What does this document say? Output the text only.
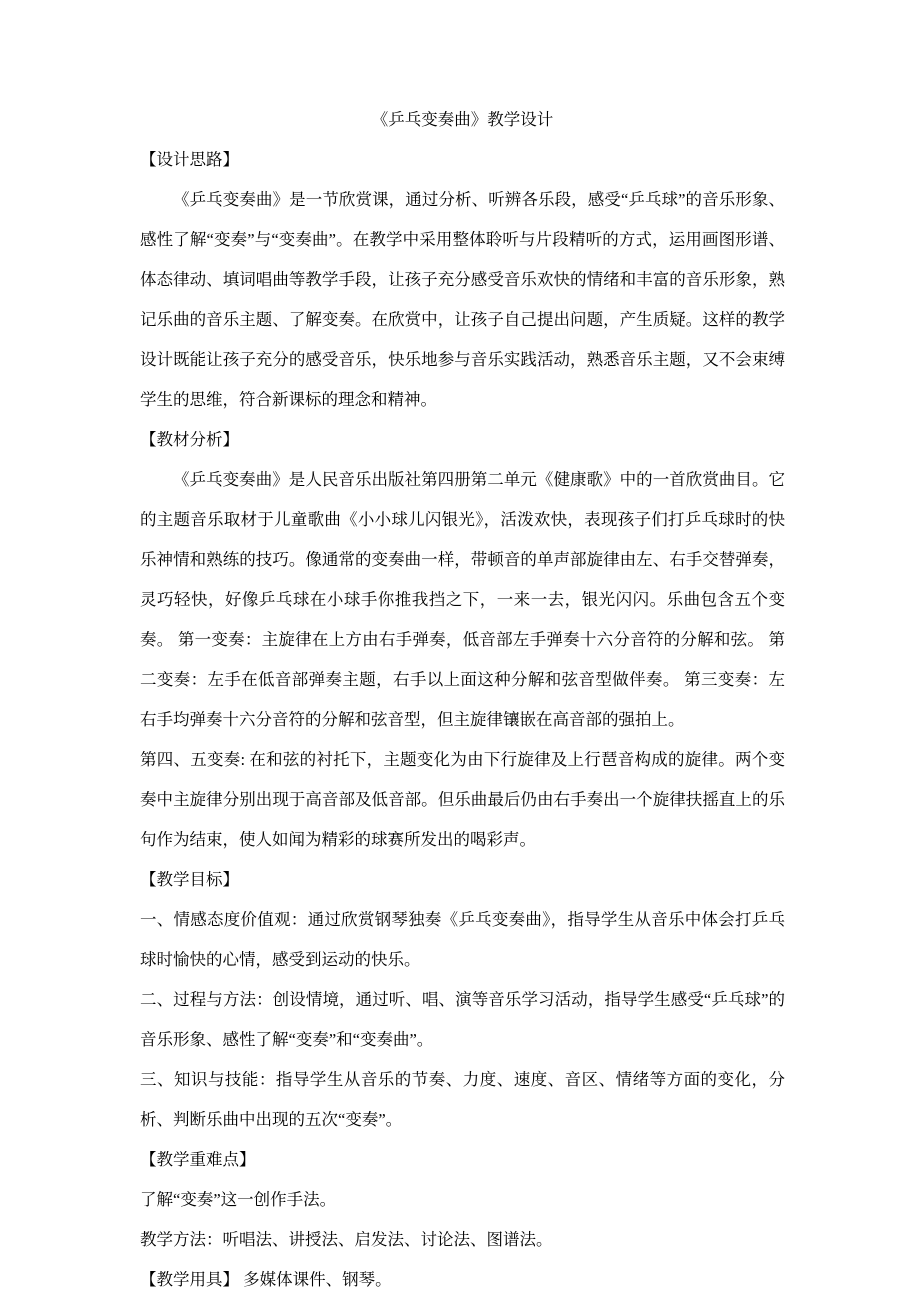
《乒乓变奏曲》教学设计

【设计思路】

《乒乓变奏曲》是一节欣赏课，通过分析、听辨各乐段，感受“乒乓球”的音乐形象、感性了解“变奏”与“变奏曲”。在教学中采用整体聆听与片段精听的方式，运用画图形谱、体态律动、填词唱曲等教学手段，让孩子充分感受音乐欢快的情绪和丰富的音乐形象，熟记乐曲的音乐主题、了解变奏。在欣赏中，让孩子自己提出问题，产生质疑。这样的教学设计既能让孩子充分的感受音乐，快乐地参与音乐实践活动，熟悉音乐主题，又不会束缚学生的思维，符合新课标的理念和精神。

【教材分析】

《乒乓变奏曲》是人民音乐出版社第四册第二单元《健康歌》中的一首欣赏曲目。它的主题音乐取材于儿童歌曲《小小球儿闪银光》，活泼欢快，表现孩子们打乒乓球时的快乐神情和熟练的技巧。像通常的变奏曲一样，带顿音的单声部旋律由左、右手交替弹奏，灵巧轻快，好像乒乓球在小球手你推我挡之下，一来一去，银光闪闪。乐曲包含五个变奏。 第一变奏：主旋律在上方由右手弹奏，低音部左手弹奏十六分音符的分解和弦。 第二变奏：左手在低音部弹奏主题，右手以上面这种分解和弦音型做伴奏。 第三变奏：左右手均弹奏十六分音符的分解和弦音型，但主旋律镶嵌在高音部的强拍上。

第四、五变奏: 在和弦的衬托下，主题变化为由下行旋律及上行琶音构成的旋律。两个变奏中主旋律分别出现于高音部及低音部。但乐曲最后仍由右手奏出一个旋律扶摇直上的乐句作为结束，使人如闻为精彩的球赛所发出的喝彩声。

【教学目标】

一、情感态度价值观：通过欣赏钢琴独奏《乒乓变奏曲》，指导学生从音乐中体会打乒乓球时愉快的心情，感受到运动的快乐。

二、过程与方法：创设情境，通过听、唱、演等音乐学习活动，指导学生感受“乒乓球”的音乐形象、感性了解“变奏”和“变奏曲”。

三、知识与技能：指导学生从音乐的节奏、力度、速度、音区、情绪等方面的变化，分析、判断乐曲中出现的五次“变奏”。

【教学重难点】

了解“变奏”这一创作手法。

教学方法：听唱法、讲授法、启发法、讨论法、图谱法。

【教学用具】 多媒体课件、钢琴。
